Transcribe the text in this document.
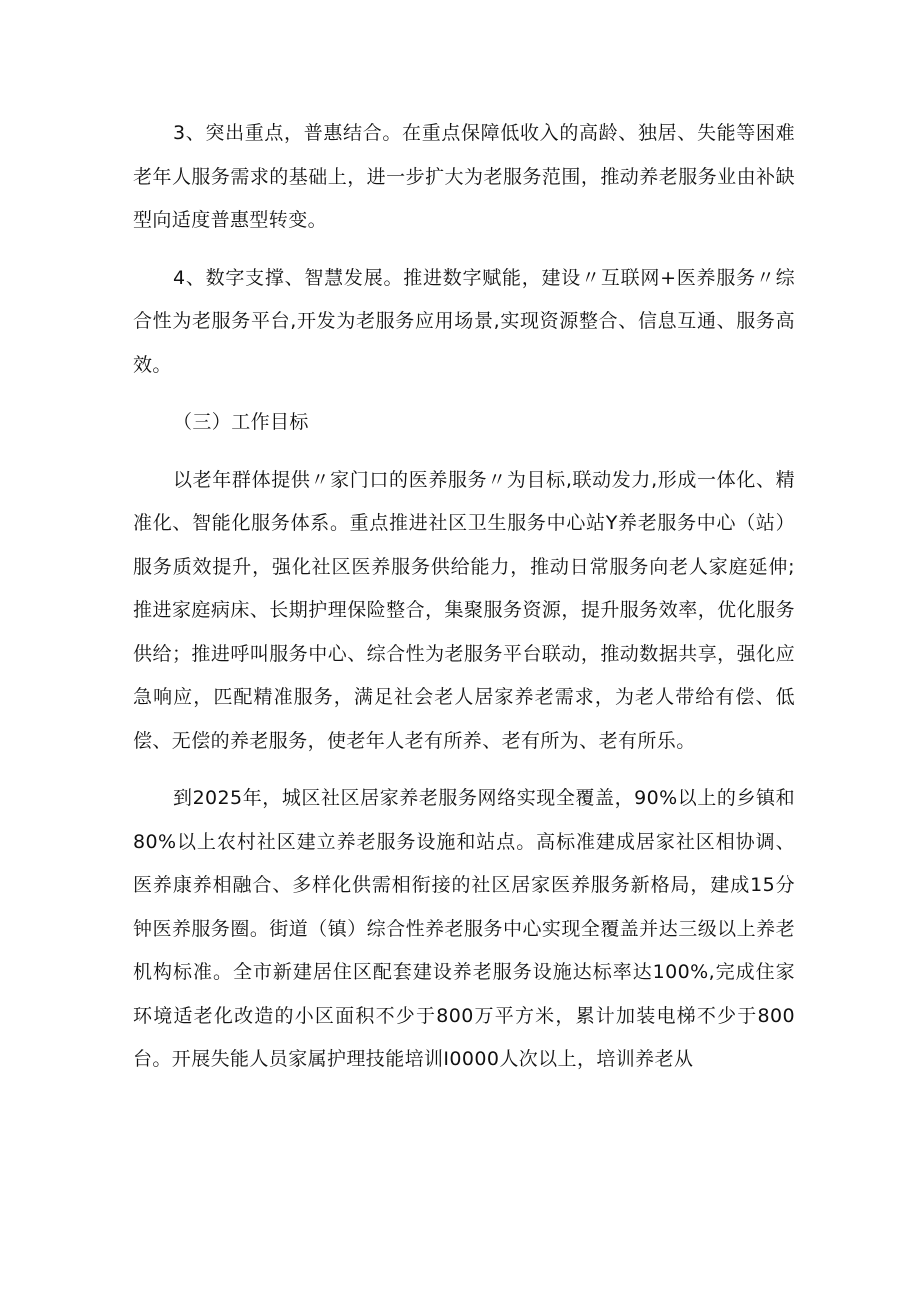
3、突出重点，普惠结合。在重点保障低收入的高龄、独居、失能等困难老年人服务需求的基础上，进一步扩大为老服务范围，推动养老服务业由补缺型向适度普惠型转变。

4、数字支撑、智慧发展。推进数字赋能，建设〃互联网+医养服务〃综合性为老服务平台,开发为老服务应用场景,实现资源整合、信息互通、服务高效。

（三）工作目标

以老年群体提供〃家门口的医养服务〃为目标,联动发力,形成一体化、精准化、智能化服务体系。重点推进社区卫生服务中心站Y养老服务中心（站）服务质效提升，强化社区医养服务供给能力，推动日常服务向老人家庭延伸;推进家庭病床、长期护理保险整合，集聚服务资源，提升服务效率，优化服务供给；推进呼叫服务中心、综合性为老服务平台联动，推动数据共享，强化应急响应，匹配精准服务，满足社会老人居家养老需求，为老人带给有偿、低偿、无偿的养老服务，使老年人老有所养、老有所为、老有所乐。

到2025年，城区社区居家养老服务网络实现全覆盖，90%以上的乡镇和80%以上农村社区建立养老服务设施和站点。高标准建成居家社区相协调、医养康养相融合、多样化供需相衔接的社区居家医养服务新格局，建成15分钟医养服务圈。街道（镇）综合性养老服务中心实现全覆盖并达三级以上养老机构标准。全市新建居住区配套建设养老服务设施达标率达100%,完成住家环境适老化改造的小区面积不少于800万平方米，累计加装电梯不少于800台。开展失能人员家属护理技能培训I0000人次以上，培训养老从
